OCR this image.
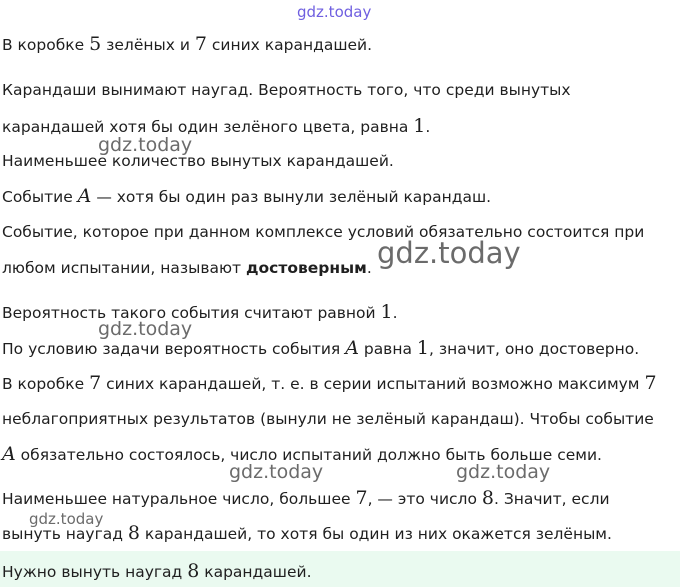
gdz.today
В коробке 5 зелёных и 7 синих карандашей.
Карандаши вынимают наугад. Вероятность того, что среди вынутых
карандашей хотя бы один зелёного цвета, равна 1.
gdz.today
Наименьшее количество вынутых карандашей.
Событие A — хотя бы один раз вынули зелёный карандаш.
Событие, которое при данном комплексе условий обязательно состоится при
любом испытании, называют достоверным. gdz.today
Вероятность такого события считают равной 1.
gdz.today
По условию задачи вероятность события A равна 1, значит, оно достоверно.
В коробке 7 синих карандашей, т. е. в серии испытаний возможно максимум 7
неблагоприятных результатов (вынули не зелёный карандаш). Чтобы событие
A обязательно состоялось, число испытаний должно быть больше семи.
gdz.today	gdz.today
Наименьшее натуральное число, большее 7, — это число 8. Значит, если
gdz.today
вынуть наугад 8 карандашей, то хотя бы один из них окажется зелёным.
Нужно вынуть наугад 8 карандашей.
